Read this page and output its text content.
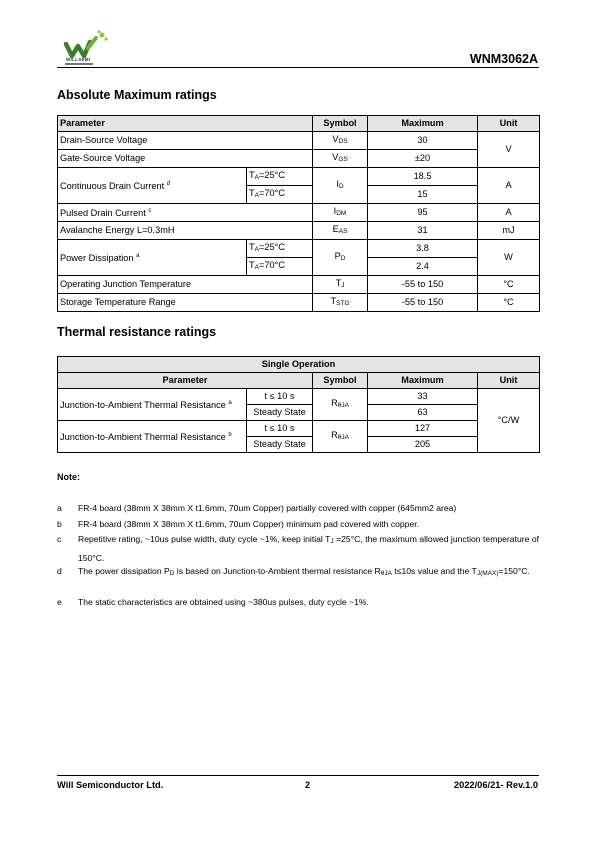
WILLSEMI	WNM3062A
Absolute Maximum ratings
Parameter		Symbol	Maximum	Unit
Drain-Source Voltage		$V_{DS}$	30	V
Gate-Source Voltage		$V_{GS}$	±20	
Continuous Drain Current $^d$	$T_A=25^\circ C$	$I_D$	18.5	A
	$T_A=70^\circ C$		15	
Pulsed Drain Current $^c$		$I_{DM}$	95	A
Avalanche Energy L=0.3mH		$E_{AS}$	31	mJ
Power Dissipation $^a$	$T_A=25^\circ C$	$P_D$	3.8	W
	$T_A=70^\circ C$		2.4	
Operating Junction Temperature		$T_J$	-55 to 150	°C
Storage Temperature Range		$T_{STG}$	-55 to 150	°C
Thermal resistance ratings
Single Operation				
Parameter		Symbol	Maximum	Unit
Junction-to-Ambient Thermal Resistance $^a$	t ≤ 10 s	$R_{\theta JA}$	33	°C/W
	Steady State		63	
Junction-to-Ambient Thermal Resistance $^b$	t ≤ 10 s	$R_{\theta JA}$	127	
	Steady State		205	
Note:
a FR-4 board (38mm X 38mm X t1.6mm, 70um Copper) partially covered with copper (645mm2 area)
b FR-4 board (38mm X 38mm X t1.6mm, 70um Copper) minimum pad covered with copper.
c Repetitive rating, ~10us pulse width, duty cycle ~1%, keep initial $T_J =25^\circ C$, the maximum allowed junction temperature of 150°C.
d The power dissipation $P_D$ is based on Junction-to-Ambient thermal resistance $R_{\theta JA}$ t≤10s value and the $T_{J(MAX)}=150^\circ C$.
e The static characteristics are obtained using ~380us pulses, duty cycle ~1%.
Will Semiconductor Ltd.	2	2022/06/21- Rev.1.0
